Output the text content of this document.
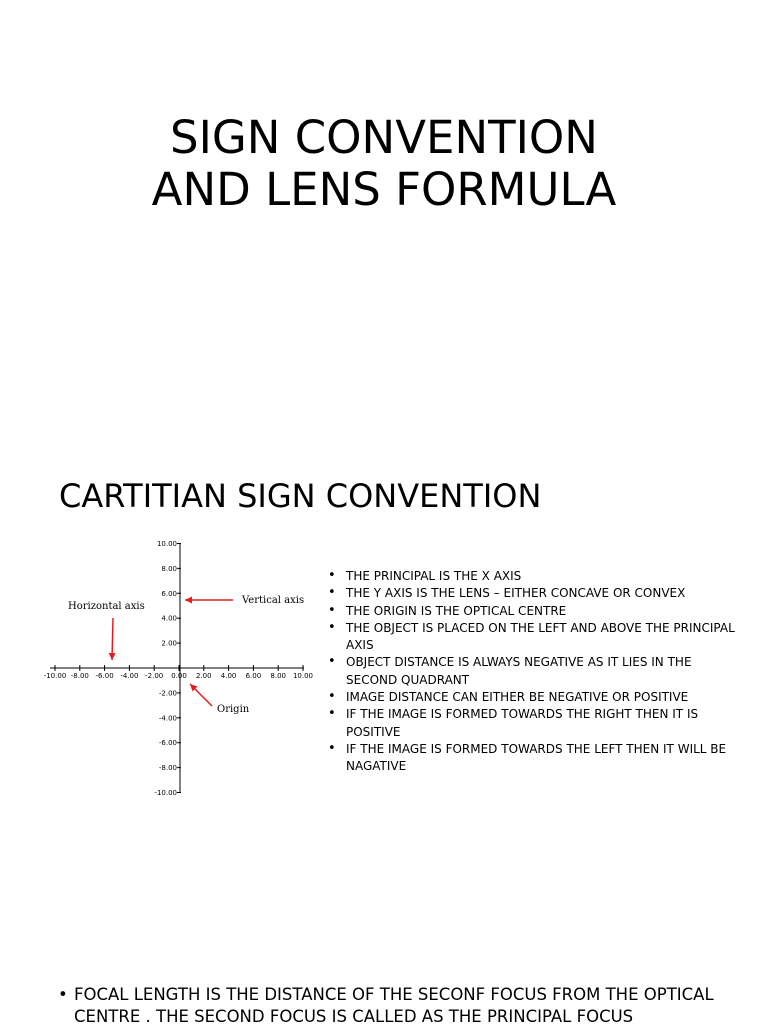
SIGN CONVENTION
AND LENS FORMULA
CARTITIAN SIGN CONVENTION
-10.00 -8.00 -6.00 -4.00 -2.00 0.00 2.00 4.00 6.00 8.00 10.00
10.00
8.00
6.00
4.00
2.00
-2.00
-4.00
-6.00
-8.00
-10.00
Horizontal axis
Vertical axis
Origin
• THE PRINCIPAL IS THE X AXIS
• THE Y AXIS IS THE LENS – EITHER CONCAVE OR CONVEX
• THE ORIGIN IS THE OPTICAL CENTRE
• THE OBJECT IS PLACED ON THE LEFT AND ABOVE THE PRINCIPAL AXIS
• OBJECT DISTANCE IS ALWAYS NEGATIVE AS IT LIES IN THE SECOND QUADRANT
• IMAGE DISTANCE CAN EITHER BE NEGATIVE OR POSITIVE
• IF THE IMAGE IS FORMED TOWARDS THE RIGHT THEN IT IS POSITIVE
• IF THE IMAGE IS FORMED TOWARDS THE LEFT THEN IT WILL BE NAGATIVE
• FOCAL LENGTH IS THE DISTANCE OF THE SECONF FOCUS FROM THE OPTICAL CENTRE . THE SECOND FOCUS IS CALLED AS THE PRINCIPAL FOCUS
